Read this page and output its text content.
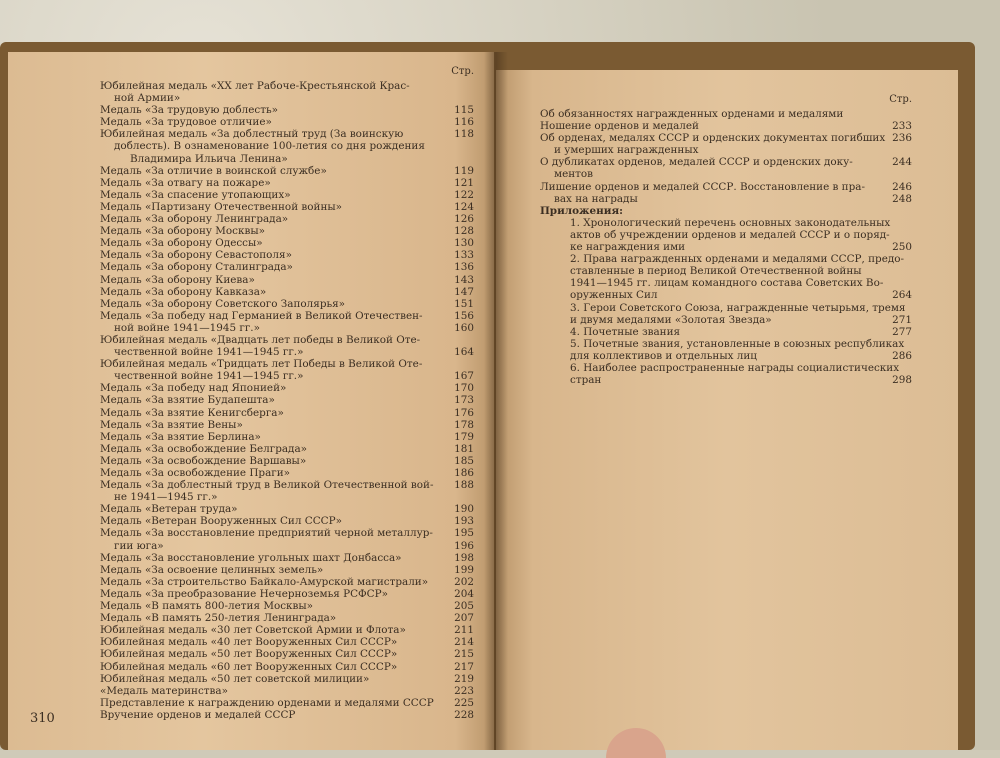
Стр.
Юбилейная медаль «XX лет Рабоче-Крестьянской Крас-
ной Армии»
Медаль «За трудовую доблесть»	115
Медаль «За трудовое отличие»	116
Юбилейная медаль «За доблестный труд (За воинскую	118
доблесть). В ознаменование 100-летия со дня рождения
Владимира Ильича Ленина»
Медаль «За отличие в воинской службе»	119
Медаль «За отвагу на пожаре»	121
Медаль «За спасение утопающих»	122
Медаль «Партизану Отечественной войны»	124
Медаль «За оборону Ленинграда»	126
Медаль «За оборону Москвы»	128
Медаль «За оборону Одессы»	130
Медаль «За оборону Севастополя»	133
Медаль «За оборону Сталинграда»	136
Медаль «За оборону Киева»	143
Медаль «За оборону Кавказа»	147
Медаль «За оборону Советского Заполярья»	151
Медаль «За победу над Германией в Великой Отечествен-	156
ной войне 1941—1945 гг.»	160
Юбилейная медаль «Двадцать лет победы в Великой Оте-
чественной войне 1941—1945 гг.»	164
Юбилейная медаль «Тридцать лет Победы в Великой Оте-
чественной войне 1941—1945 гг.»	167
Медаль «За победу над Японией»	170
Медаль «За взятие Будапешта»	173
Медаль «За взятие Кенигсберга»	176
Медаль «За взятие Вены»	178
Медаль «За взятие Берлина»	179
Медаль «За освобождение Белграда»	181
Медаль «За освобождение Варшавы»	185
Медаль «За освобождение Праги»	186
Медаль «За доблестный труд в Великой Отечественной вой- 188
не 1941—1945 гг.»
Медаль «Ветеран труда»	190
Медаль «Ветеран Вооруженных Сил СССР»	193
Медаль «За восстановление предприятий черной металлур- 195
гии юга»	196
Медаль «За восстановление угольных шахт Донбасса»	198
Медаль «За освоение целинных земель»	199
Медаль «За строительство Байкало-Амурской магистрали»	202
Медаль «За преобразование Нечерноземья РСФСР»	204
Медаль «В память 800-летия Москвы»	205
Медаль «В память 250-летия Ленинграда»	207
Юбилейная медаль «30 лет Советской Армии и Флота»	211
Юбилейная медаль «40 лет Вооруженных Сил СССР»	214
Юбилейная медаль «50 лет Вооруженных Сил СССР»	215
Юбилейная медаль «60 лет Вооруженных Сил СССР»	217
Юбилейная медаль «50 лет советской милиции»	219
«Медаль материнства»	223
Представление к награждению орденами и медалями СССР 225
Вручение орденов и медалей СССР	228
310
Стр.
Об обязанностях награжденных орденами и медалями
Ношение орденов и медалей	233
Об орденах, медалях СССР и орденских документах погибших 236
и умерших награжденных
О дубликатах орденов, медалей СССР и орденских доку-	244
ментов
Лишение орденов и медалей СССР. Восстановление в пра-	246
вах на награды	248
Приложения:
1. Хронологический перечень основных законодательных
актов об учреждении орденов и медалей СССР и о поряд-
ке награждения ими	250
2. Права награжденных орденами и медалями СССР, предо-
ставленные в период Великой Отечественной войны
1941—1945 гг. лицам командного состава Советских Во-
оруженных Сил	264
3. Герои Советского Союза, награжденные четырьмя, тремя
и двумя медалями «Золотая Звезда»	271
4. Почетные звания	277
5. Почетные звания, установленные в союзных республиках
для коллективов и отдельных лиц	286
6. Наиболее распространенные награды социалистических
стран	298
